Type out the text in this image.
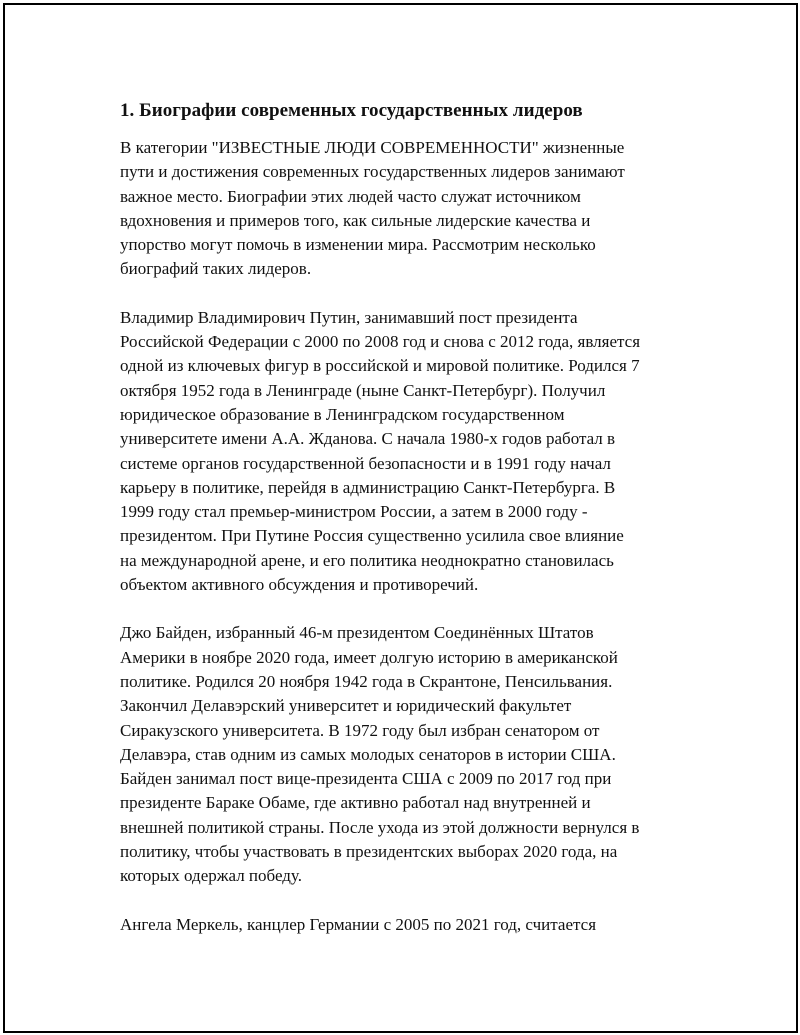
1. Биографии современных государственных лидеров

В категории "ИЗВЕСТНЫЕ ЛЮДИ СОВРЕМЕННОСТИ" жизненные
пути и достижения современных государственных лидеров занимают
важное место. Биографии этих людей часто служат источником
вдохновения и примеров того, как сильные лидерские качества и
упорство могут помочь в изменении мира. Рассмотрим несколько
биографий таких лидеров.

Владимир Владимирович Путин, занимавший пост президента
Российской Федерации с 2000 по 2008 год и снова с 2012 года, является
одной из ключевых фигур в российской и мировой политике. Родился 7
октября 1952 года в Ленинграде (ныне Санкт-Петербург). Получил
юридическое образование в Ленинградском государственном
университете имени А.А. Жданова. С начала 1980-х годов работал в
системе органов государственной безопасности и в 1991 году начал
карьеру в политике, перейдя в администрацию Санкт-Петербурга. В
1999 году стал премьер-министром России, а затем в 2000 году -
президентом. При Путине Россия существенно усилила свое влияние
на международной арене, и его политика неоднократно становилась
объектом активного обсуждения и противоречий.

Джо Байден, избранный 46-м президентом Соединённых Штатов
Америки в ноябре 2020 года, имеет долгую историю в американской
политике. Родился 20 ноября 1942 года в Скрантоне, Пенсильвания.
Закончил Делавэрский университет и юридический факультет
Сиракузского университета. В 1972 году был избран сенатором от
Делавэра, став одним из самых молодых сенаторов в истории США.
Байден занимал пост вице-президента США с 2009 по 2017 год при
президенте Бараке Обаме, где активно работал над внутренней и
внешней политикой страны. После ухода из этой должности вернулся в
политику, чтобы участвовать в президентских выборах 2020 года, на
которых одержал победу.

Ангела Меркель, канцлер Германии с 2005 по 2021 год, считается
